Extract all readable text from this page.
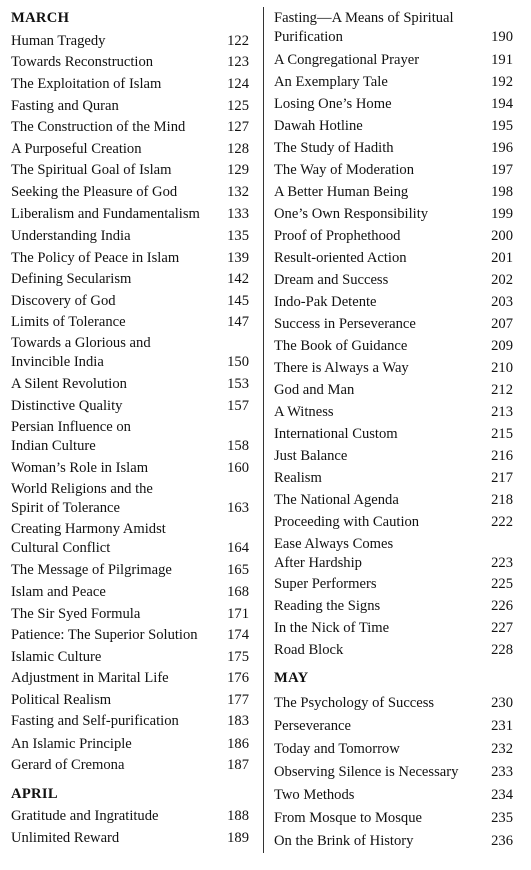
MARCH
Human Tragedy	122
Towards Reconstruction	123
The Exploitation of Islam	124
Fasting and Quran	125
The Construction of the Mind	127
A Purposeful Creation	128
The Spiritual Goal of Islam	129
Seeking the Pleasure of God	132
Liberalism and Fundamentalism	133
Understanding India	135
The Policy of Peace in Islam	139
Defining Secularism	142
Discovery of God	145
Limits of Tolerance	147
Towards a Glorious and
Invincible India	150
A Silent Revolution	153
Distinctive Quality	157
Persian Influence on
Indian Culture	158
Woman’s Role in Islam	160
World Religions and the
Spirit of Tolerance	163
Creating Harmony Amidst
Cultural Conflict	164
The Message of Pilgrimage	165
Islam and Peace	168
The Sir Syed Formula	171
Patience: The Superior Solution	174
Islamic Culture	175
Adjustment in Marital Life	176
Political Realism	177
Fasting and Self-purification	183
An Islamic Principle	186
Gerard of Cremona	187
APRIL
Gratitude and Ingratitude	188
Unlimited Reward	189
Fasting—A Means of Spiritual
Purification	190
A Congregational Prayer	191
An Exemplary Tale	192
Losing One’s Home	194
Dawah Hotline	195
The Study of Hadith	196
The Way of Moderation	197
A Better Human Being	198
One’s Own Responsibility	199
Proof of Prophethood	200
Result-oriented Action	201
Dream and Success	202
Indo-Pak Detente	203
Success in Perseverance	207
The Book of Guidance	209
There is Always a Way	210
God and Man	212
A Witness	213
International Custom	215
Just Balance	216
Realism	217
The National Agenda	218
Proceeding with Caution	222
Ease Always Comes
After Hardship	223
Super Performers	225
Reading the Signs	226
In the Nick of Time	227
Road Block	228
MAY
The Psychology of Success	230
Perseverance	231
Today and Tomorrow	232
Observing Silence is Necessary	233
Two Methods	234
From Mosque to Mosque	235
On the Brink of History	236
